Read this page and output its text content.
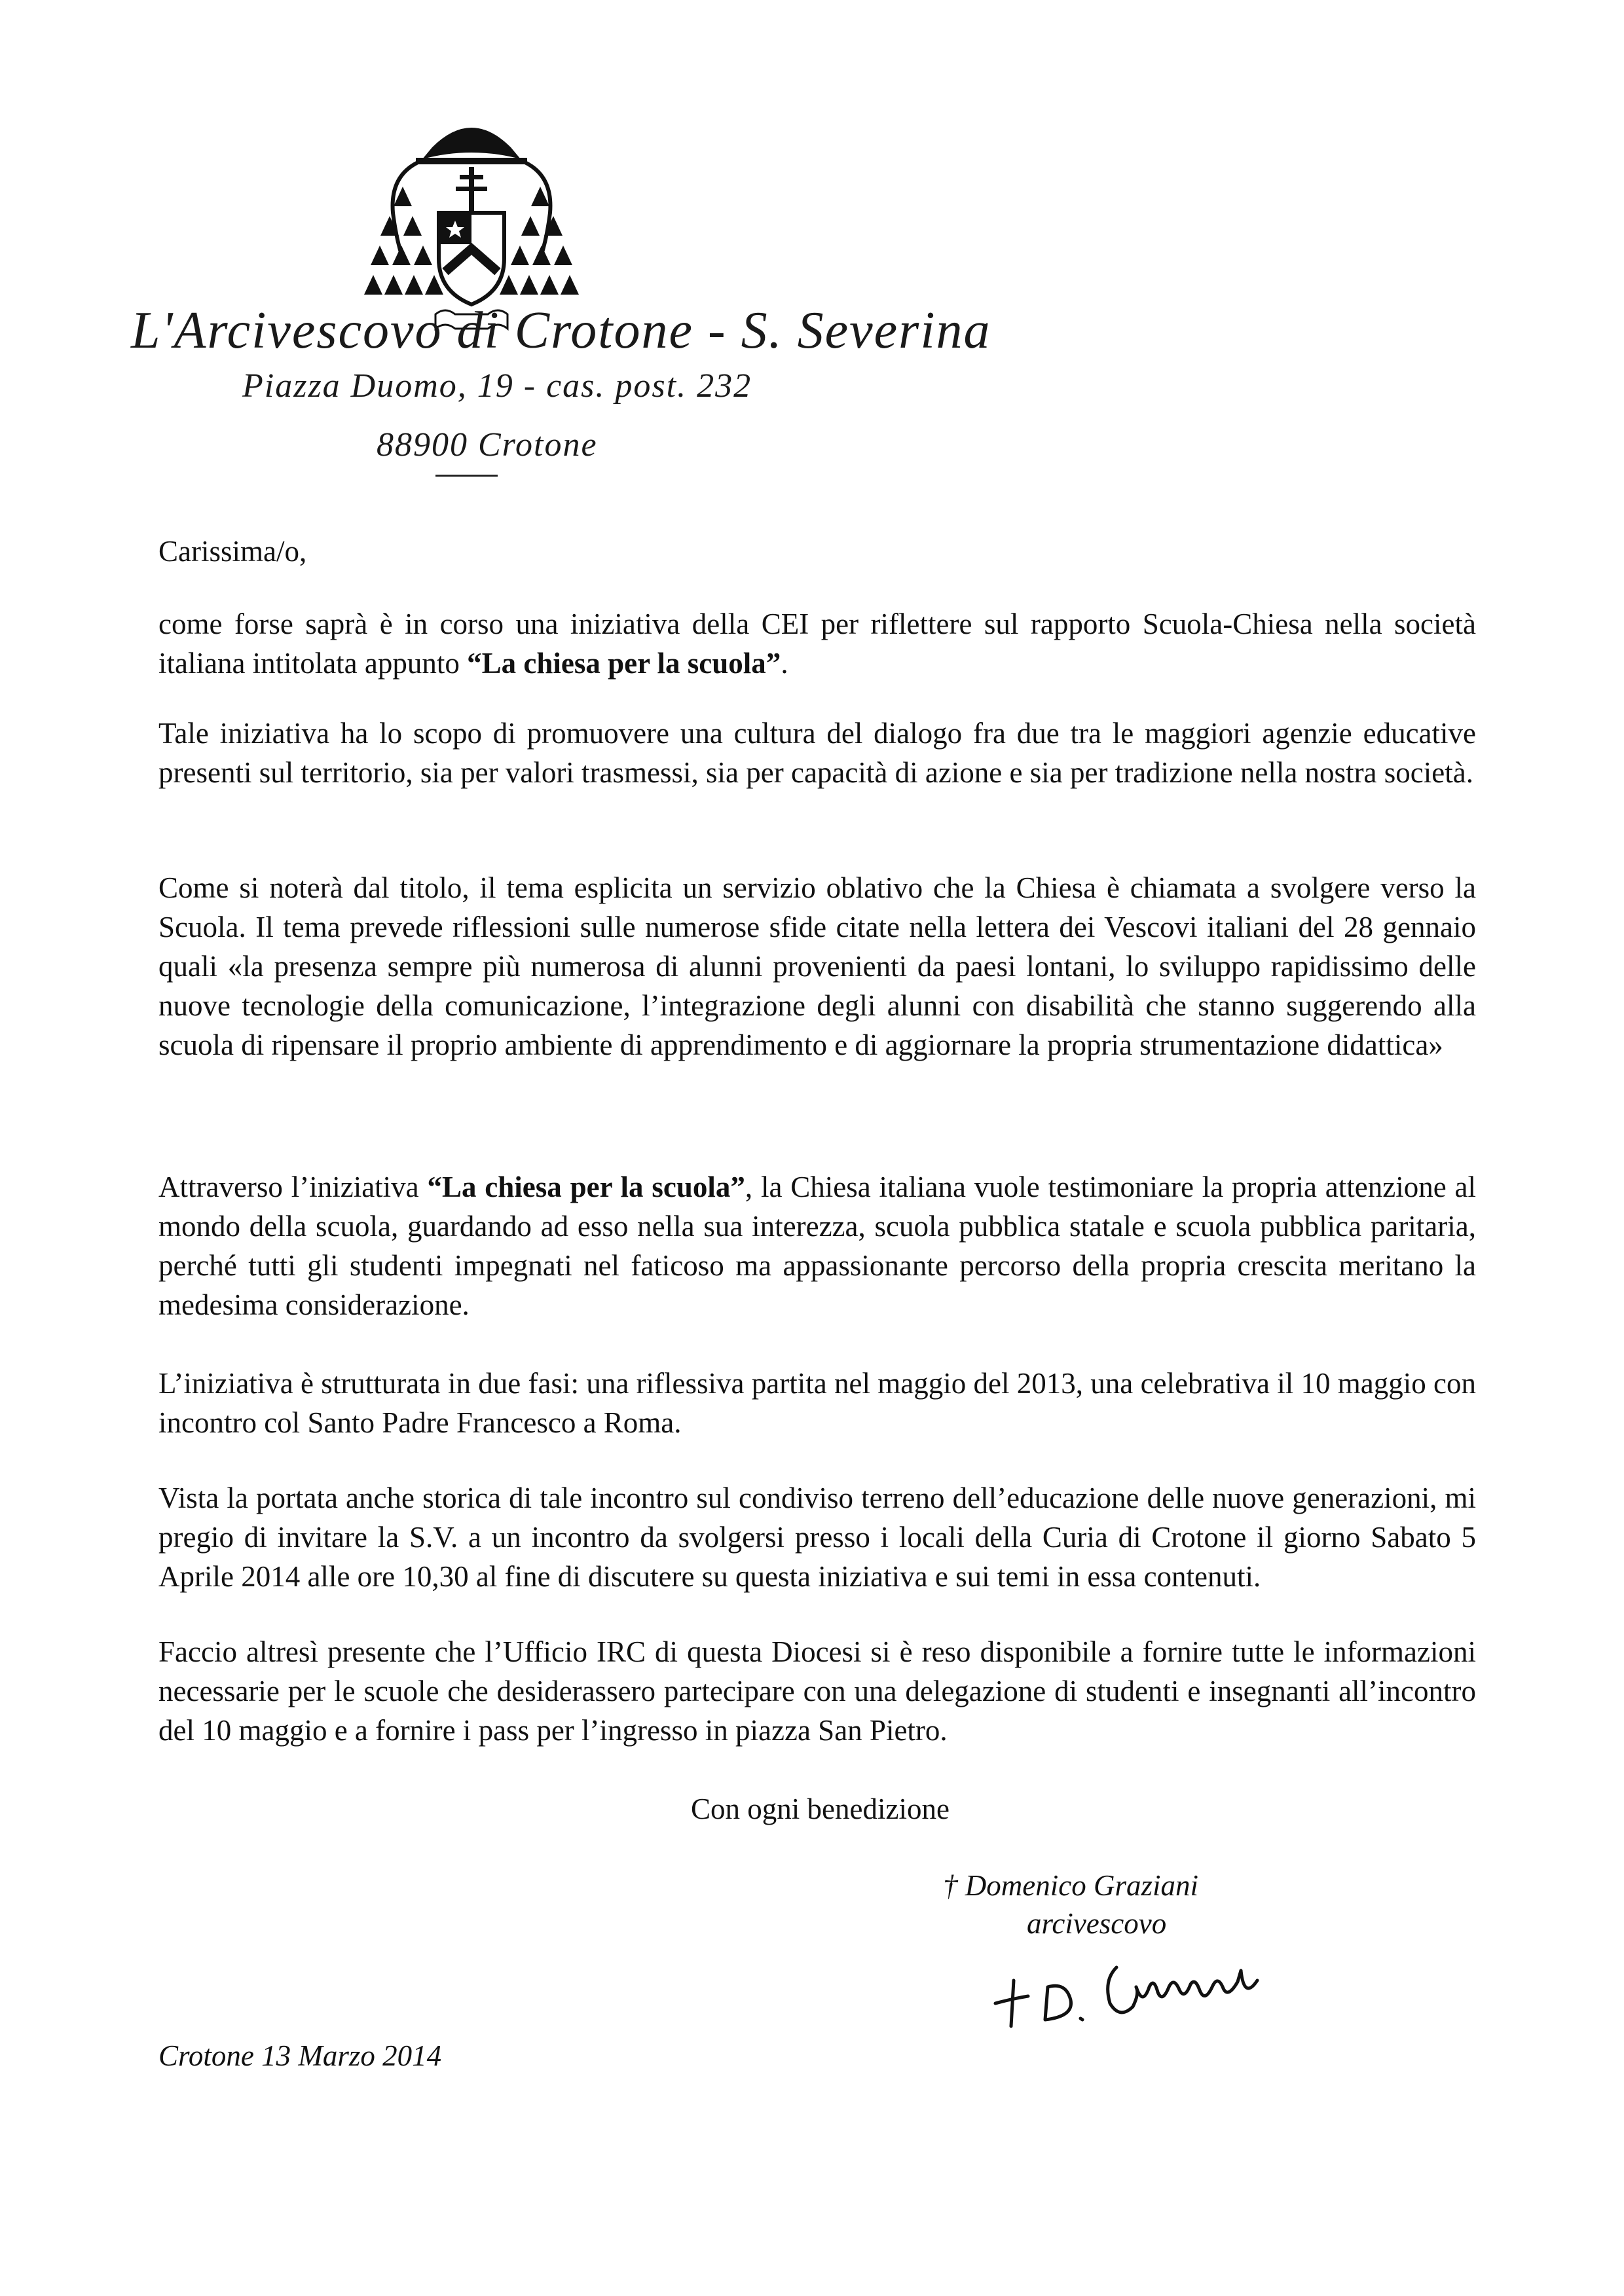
L'Arcivescovo di Crotone - S. Severina
Piazza Duomo, 19 - cas. post. 232
88900 Crotone
Carissima/o,
come forse saprà è in corso una iniziativa della CEI per riflettere sul rapporto Scuola-Chiesa nella società italiana intitolata appunto “La chiesa per la scuola”.
Tale iniziativa ha lo scopo di promuovere una cultura del dialogo fra due tra le maggiori agenzie educative presenti sul territorio, sia per valori trasmessi, sia per capacità di azione e sia per tradizione nella nostra società.
Come si noterà dal titolo, il tema esplicita un servizio oblativo che la Chiesa è chiamata a svolgere verso la Scuola. Il tema prevede riflessioni sulle numerose sfide citate nella lettera dei Vescovi italiani del 28 gennaio quali «la presenza sempre più numerosa di alunni provenienti da paesi lontani, lo sviluppo rapidissimo delle nuove tecnologie della comunicazione, l’integrazione degli alunni con disabilità che stanno suggerendo alla scuola di ripensare il proprio ambiente di apprendimento e di aggiornare la propria strumentazione didattica»
Attraverso l’iniziativa “La chiesa per la scuola”, la Chiesa italiana vuole testimoniare la propria attenzione al mondo della scuola, guardando ad esso nella sua interezza, scuola pubblica statale e scuola pubblica paritaria, perché tutti gli studenti impegnati nel faticoso ma appassionante percorso della propria crescita meritano la medesima considerazione.
L’iniziativa è strutturata in due fasi: una riflessiva partita nel maggio del 2013, una celebrativa il 10 maggio con incontro col Santo Padre Francesco a Roma.
Vista la portata anche storica di tale incontro sul condiviso terreno dell’educazione delle nuove generazioni, mi pregio di invitare la S.V. a un incontro da svolgersi presso i locali della Curia di Crotone il giorno Sabato 5 Aprile 2014 alle ore 10,30 al fine di discutere su questa iniziativa e sui temi in essa contenuti.
Faccio altresì presente che l’Ufficio IRC di questa Diocesi si è reso disponibile a fornire tutte le informazioni necessarie per le scuole che desiderassero partecipare con una delegazione di studenti e insegnanti all’incontro del 10 maggio e a fornire i pass per l’ingresso in piazza San Pietro.
Con ogni benedizione
† Domenico Graziani
arcivescovo
Crotone 13 Marzo 2014
